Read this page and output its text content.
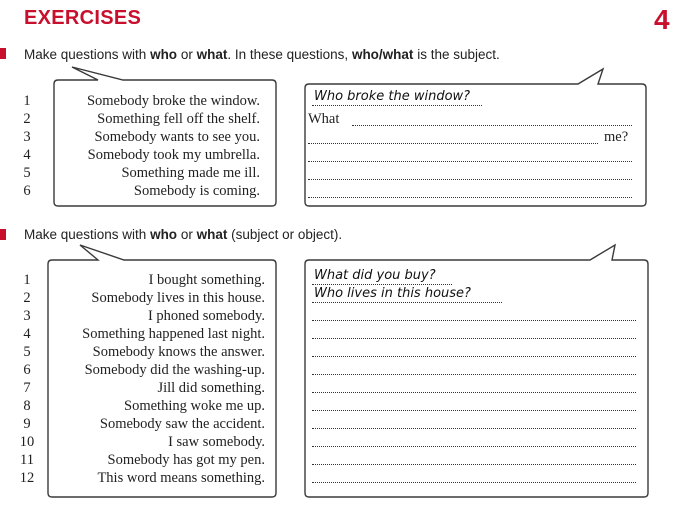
EXERCISES	4
Make questions with who or what. In these questions, who/what is the subject.
1
2
3
4
5
6
Somebody broke the window.
Something fell off the shelf.
Somebody wants to see you.
Somebody took my umbrella.
Something made me ill.
Somebody is coming.
Who broke the window?
What
me?
Make questions with who or what (subject or object).
1
2
3
4
5
6
7
8
9
10
11
12
I bought something.
Somebody lives in this house.
I phoned somebody.
Something happened last night.
Somebody knows the answer.
Somebody did the washing-up.
Jill did something.
Something woke me up.
Somebody saw the accident.
I saw somebody.
Somebody has got my pen.
This word means something.
What did you buy?
Who lives in this house?
